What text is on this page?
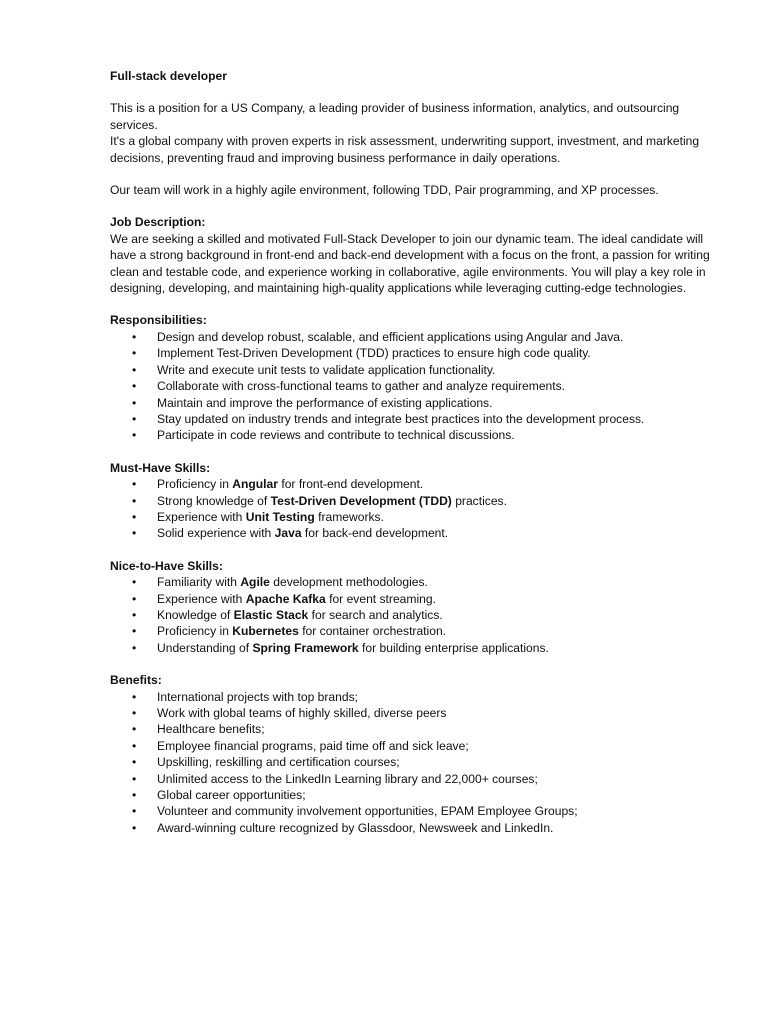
Full-stack developer

This is a position for a US Company, a leading provider of business information, analytics, and outsourcing services.

It's a global company with proven experts in risk assessment, underwriting support, investment, and marketing decisions, preventing fraud and improving business performance in daily operations.

Our team will work in a highly agile environment, following TDD, Pair programming, and XP processes.

Job Description:

We are seeking a skilled and motivated Full-Stack Developer to join our dynamic team. The ideal candidate will have a strong background in front-end and back-end development with a focus on the front, a passion for writing clean and testable code, and experience working in collaborative, agile environments. You will play a key role in designing, developing, and maintaining high-quality applications while leveraging cutting-edge technologies.

Responsibilities:

• Design and develop robust, scalable, and efficient applications using Angular and Java.
• Implement Test-Driven Development (TDD) practices to ensure high code quality.
• Write and execute unit tests to validate application functionality.
• Collaborate with cross-functional teams to gather and analyze requirements.
• Maintain and improve the performance of existing applications.
• Stay updated on industry trends and integrate best practices into the development process.
• Participate in code reviews and contribute to technical discussions.

Must-Have Skills:

• Proficiency in Angular for front-end development.
• Strong knowledge of Test-Driven Development (TDD) practices.
• Experience with Unit Testing frameworks.
• Solid experience with Java for back-end development.

Nice-to-Have Skills:

• Familiarity with Agile development methodologies.
• Experience with Apache Kafka for event streaming.
• Knowledge of Elastic Stack for search and analytics.
• Proficiency in Kubernetes for container orchestration.
• Understanding of Spring Framework for building enterprise applications.

Benefits:

• International projects with top brands;
• Work with global teams of highly skilled, diverse peers
• Healthcare benefits;
• Employee financial programs, paid time off and sick leave;
• Upskilling, reskilling and certification courses;
• Unlimited access to the LinkedIn Learning library and 22,000+ courses;
• Global career opportunities;
• Volunteer and community involvement opportunities, EPAM Employee Groups;
• Award-winning culture recognized by Glassdoor, Newsweek and LinkedIn.
